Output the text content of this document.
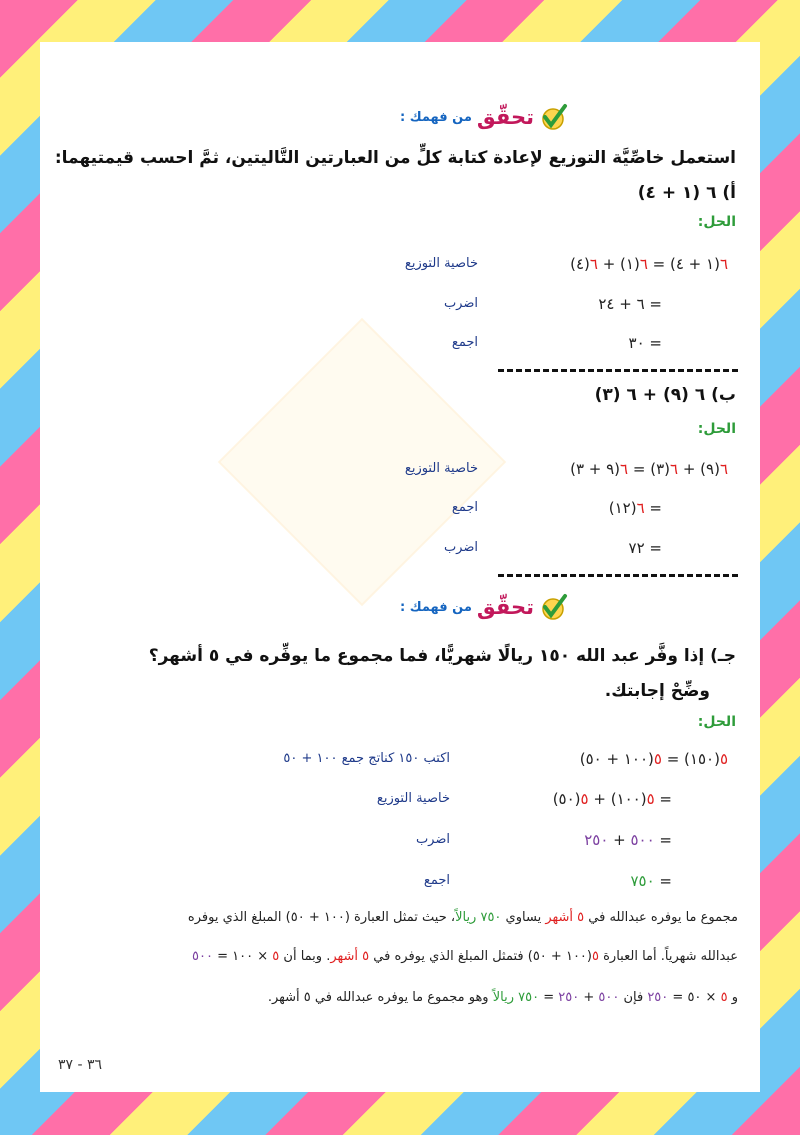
تحقّق
من فهمك :
استعمل خاصِّيَّة التوزيع لإعادة كتابة كلٍّ من العبارتين التَّاليتين، ثمَّ احسب قيمتيهما:
أ) ٦ (١ + ٤)
الحل:
٦(١ + ٤) = ٦(١) + ٦(٤)
خاصية التوزيع
= ٦ + ٢٤
اضرب
= ٣٠
اجمع
ب) ٦ (٩) + ٦ (٣)
الحل:
٦(٩) + ٦(٣) = ٦(٩ + ٣)
خاصية التوزيع
= ٦(١٢)
اجمع
= ٧٢
اضرب
تحقّق
من فهمك :
جـ) إذا وفَّر عبد الله ١٥٠ ريالًا شهريًّا، فما مجموع ما يوفِّره في ٥ أشهر؟
وضِّحْ إجابتك.
الحل:
٥(١٥٠) = ٥(١٠٠ + ٥٠)
اكتب ١٥٠ كناتج جمع ١٠٠ + ٥٠
= ٥(١٠٠) + ٥(٥٠)
خاصية التوزيع
= ٥٠٠ + ٢٥٠
اضرب
= ٧٥٠
اجمع
مجموع ما يوفره عبدالله في ٥ أشهر يساوي ٧٥٠ ريالاً، حيث تمثل العبارة (١٠٠ + ٥٠) المبلغ الذي يوفره
عبدالله شهرياً. أما العبارة ٥(١٠٠ + ٥٠) فتمثل المبلغ الذي يوفره في ٥ أشهر. وبما أن ٥ × ١٠٠ = ٥٠٠
و ٥ × ٥٠ = ٢٥٠ فإن ٥٠٠ + ٢٥٠ = ٧٥٠ ريالاً وهو مجموع ما يوفره عبدالله في ٥ أشهر.
٣٦ - ٣٧
